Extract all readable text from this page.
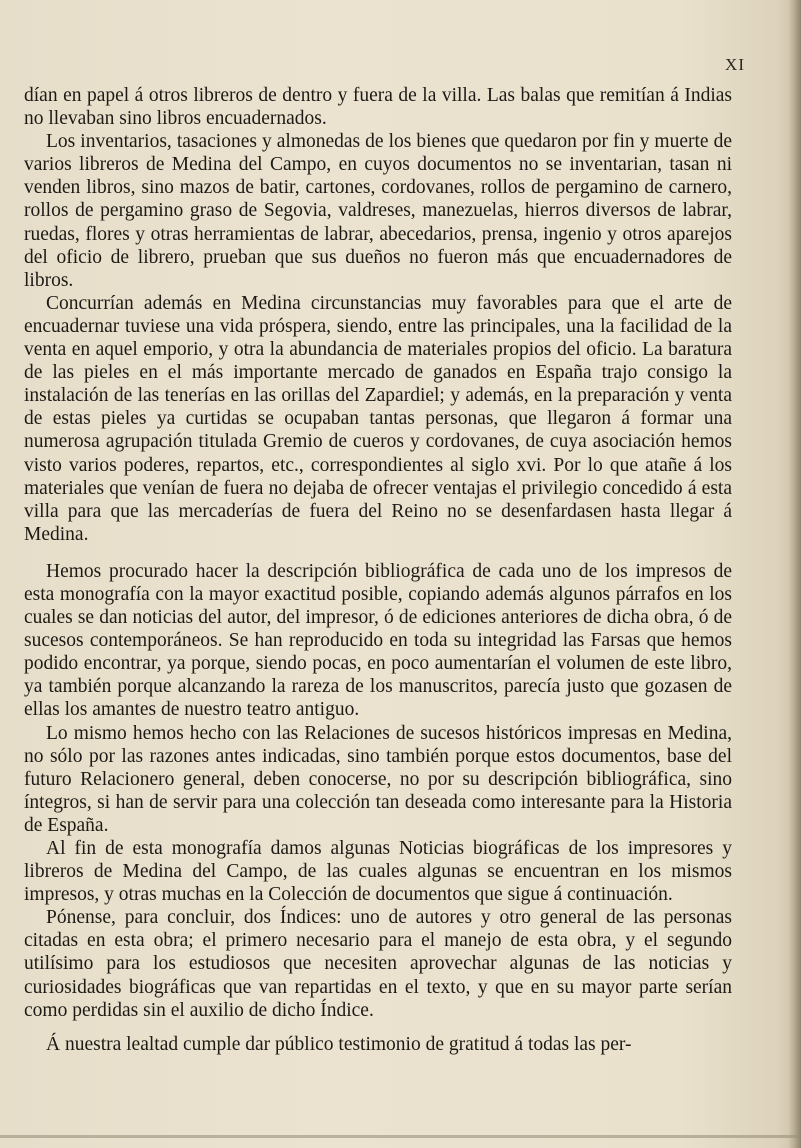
XI

dían en papel á otros libreros de dentro y fuera de la villa. Las balas que remitían á Indias no llevaban sino libros encuadernados.

Los inventarios, tasaciones y almonedas de los bienes que quedaron por fin y muerte de varios libreros de Medina del Campo, en cuyos documentos no se inventarian, tasan ni venden libros, sino mazos de batir, cartones, cordovanes, rollos de pergamino de carnero, rollos de pergamino graso de Segovia, valdreses, manezuelas, hierros diversos de labrar, ruedas, flores y otras herramientas de labrar, abecedarios, prensa, ingenio y otros aparejos del oficio de librero, prueban que sus dueños no fueron más que encuadernadores de libros.

Concurrían además en Medina circunstancias muy favorables para que el arte de encuadernar tuviese una vida próspera, siendo, entre las principales, una la facilidad de la venta en aquel emporio, y otra la abundancia de materiales propios del oficio. La baratura de las pieles en el más importante mercado de ganados en España trajo consigo la instalación de las tenerías en las orillas del Zapardiel; y además, en la preparación y venta de estas pieles ya curtidas se ocupaban tantas personas, que llegaron á formar una numerosa agrupación titulada Gremio de cueros y cordovanes, de cuya asociación hemos visto varios poderes, repartos, etc., correspondientes al siglo xvi. Por lo que atañe á los materiales que venían de fuera no dejaba de ofrecer ventajas el privilegio concedido á esta villa para que las mercaderías de fuera del Reino no se desenfardasen hasta llegar á Medina.

Hemos procurado hacer la descripción bibliográfica de cada uno de los impresos de esta monografía con la mayor exactitud posible, copiando además algunos párrafos en los cuales se dan noticias del autor, del impresor, ó de ediciones anteriores de dicha obra, ó de sucesos contemporáneos. Se han reproducido en toda su integridad las Farsas que hemos podido encontrar, ya porque, siendo pocas, en poco aumentarían el volumen de este libro, ya también porque alcanzando la rareza de los manuscritos, parecía justo que gozasen de ellas los amantes de nuestro teatro antiguo.

Lo mismo hemos hecho con las Relaciones de sucesos históricos impresas en Medina, no sólo por las razones antes indicadas, sino también porque estos documentos, base del futuro Relacionero general, deben conocerse, no por su descripción bibliográfica, sino íntegros, si han de servir para una colección tan deseada como interesante para la Historia de España.

Al fin de esta monografía damos algunas Noticias biográficas de los impresores y libreros de Medina del Campo, de las cuales algunas se encuentran en los mismos impresos, y otras muchas en la Colección de documentos que sigue á continuación.

Pónense, para concluir, dos Índices: uno de autores y otro general de las personas citadas en esta obra; el primero necesario para el manejo de esta obra, y el segundo utilísimo para los estudiosos que necesiten aprovechar algunas de las noticias y curiosidades biográficas que van repartidas en el texto, y que en su mayor parte serían como perdidas sin el auxilio de dicho Índice.

Á nuestra lealtad cumple dar público testimonio de gratitud á todas las per-
